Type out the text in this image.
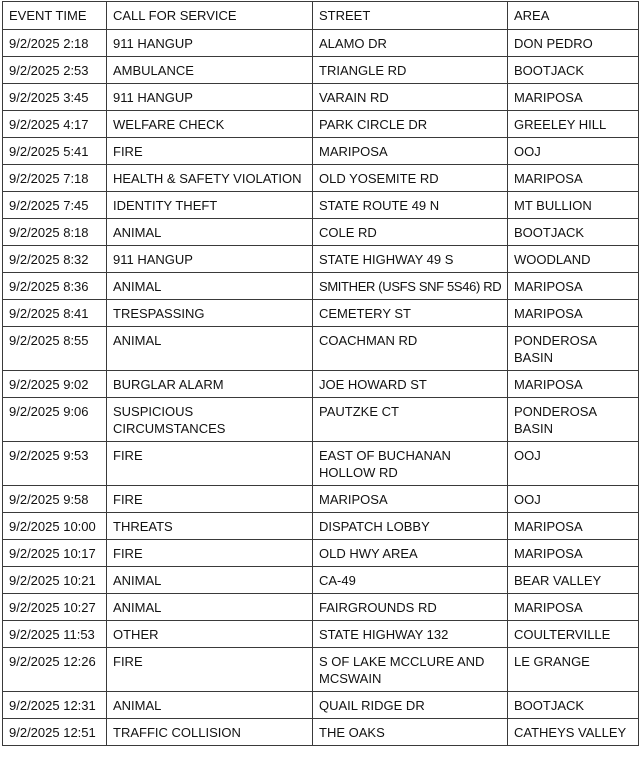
EVENT TIME	CALL FOR SERVICE	STREET	AREA
9/2/2025 2:18	911 HANGUP	ALAMO DR	DON PEDRO
9/2/2025 2:53	AMBULANCE	TRIANGLE RD	BOOTJACK
9/2/2025 3:45	911 HANGUP	VARAIN RD	MARIPOSA
9/2/2025 4:17	WELFARE CHECK	PARK CIRCLE DR	GREELEY HILL
9/2/2025 5:41	FIRE	MARIPOSA	OOJ
9/2/2025 7:18	HEALTH & SAFETY VIOLATION	OLD YOSEMITE RD	MARIPOSA
9/2/2025 7:45	IDENTITY THEFT	STATE ROUTE 49 N	MT BULLION
9/2/2025 8:18	ANIMAL	COLE RD	BOOTJACK
9/2/2025 8:32	911 HANGUP	STATE HIGHWAY 49 S	WOODLAND
9/2/2025 8:36	ANIMAL	SMITHER (USFS SNF 5S46) RD	MARIPOSA
9/2/2025 8:41	TRESPASSING	CEMETERY ST	MARIPOSA
9/2/2025 8:55	ANIMAL	COACHMAN RD	PONDEROSA BASIN
9/2/2025 9:02	BURGLAR ALARM	JOE HOWARD ST	MARIPOSA
9/2/2025 9:06	SUSPICIOUS CIRCUMSTANCES	PAUTZKE CT	PONDEROSA BASIN
9/2/2025 9:53	FIRE	EAST OF BUCHANAN HOLLOW RD	OOJ
9/2/2025 9:58	FIRE	MARIPOSA	OOJ
9/2/2025 10:00	THREATS	DISPATCH LOBBY	MARIPOSA
9/2/2025 10:17	FIRE	OLD HWY AREA	MARIPOSA
9/2/2025 10:21	ANIMAL	CA-49	BEAR VALLEY
9/2/2025 10:27	ANIMAL	FAIRGROUNDS RD	MARIPOSA
9/2/2025 11:53	OTHER	STATE HIGHWAY 132	COULTERVILLE
9/2/2025 12:26	FIRE	S OF LAKE MCCLURE AND MCSWAIN	LE GRANGE
9/2/2025 12:31	ANIMAL	QUAIL RIDGE DR	BOOTJACK
9/2/2025 12:51	TRAFFIC COLLISION	THE OAKS	CATHEYS VALLEY
